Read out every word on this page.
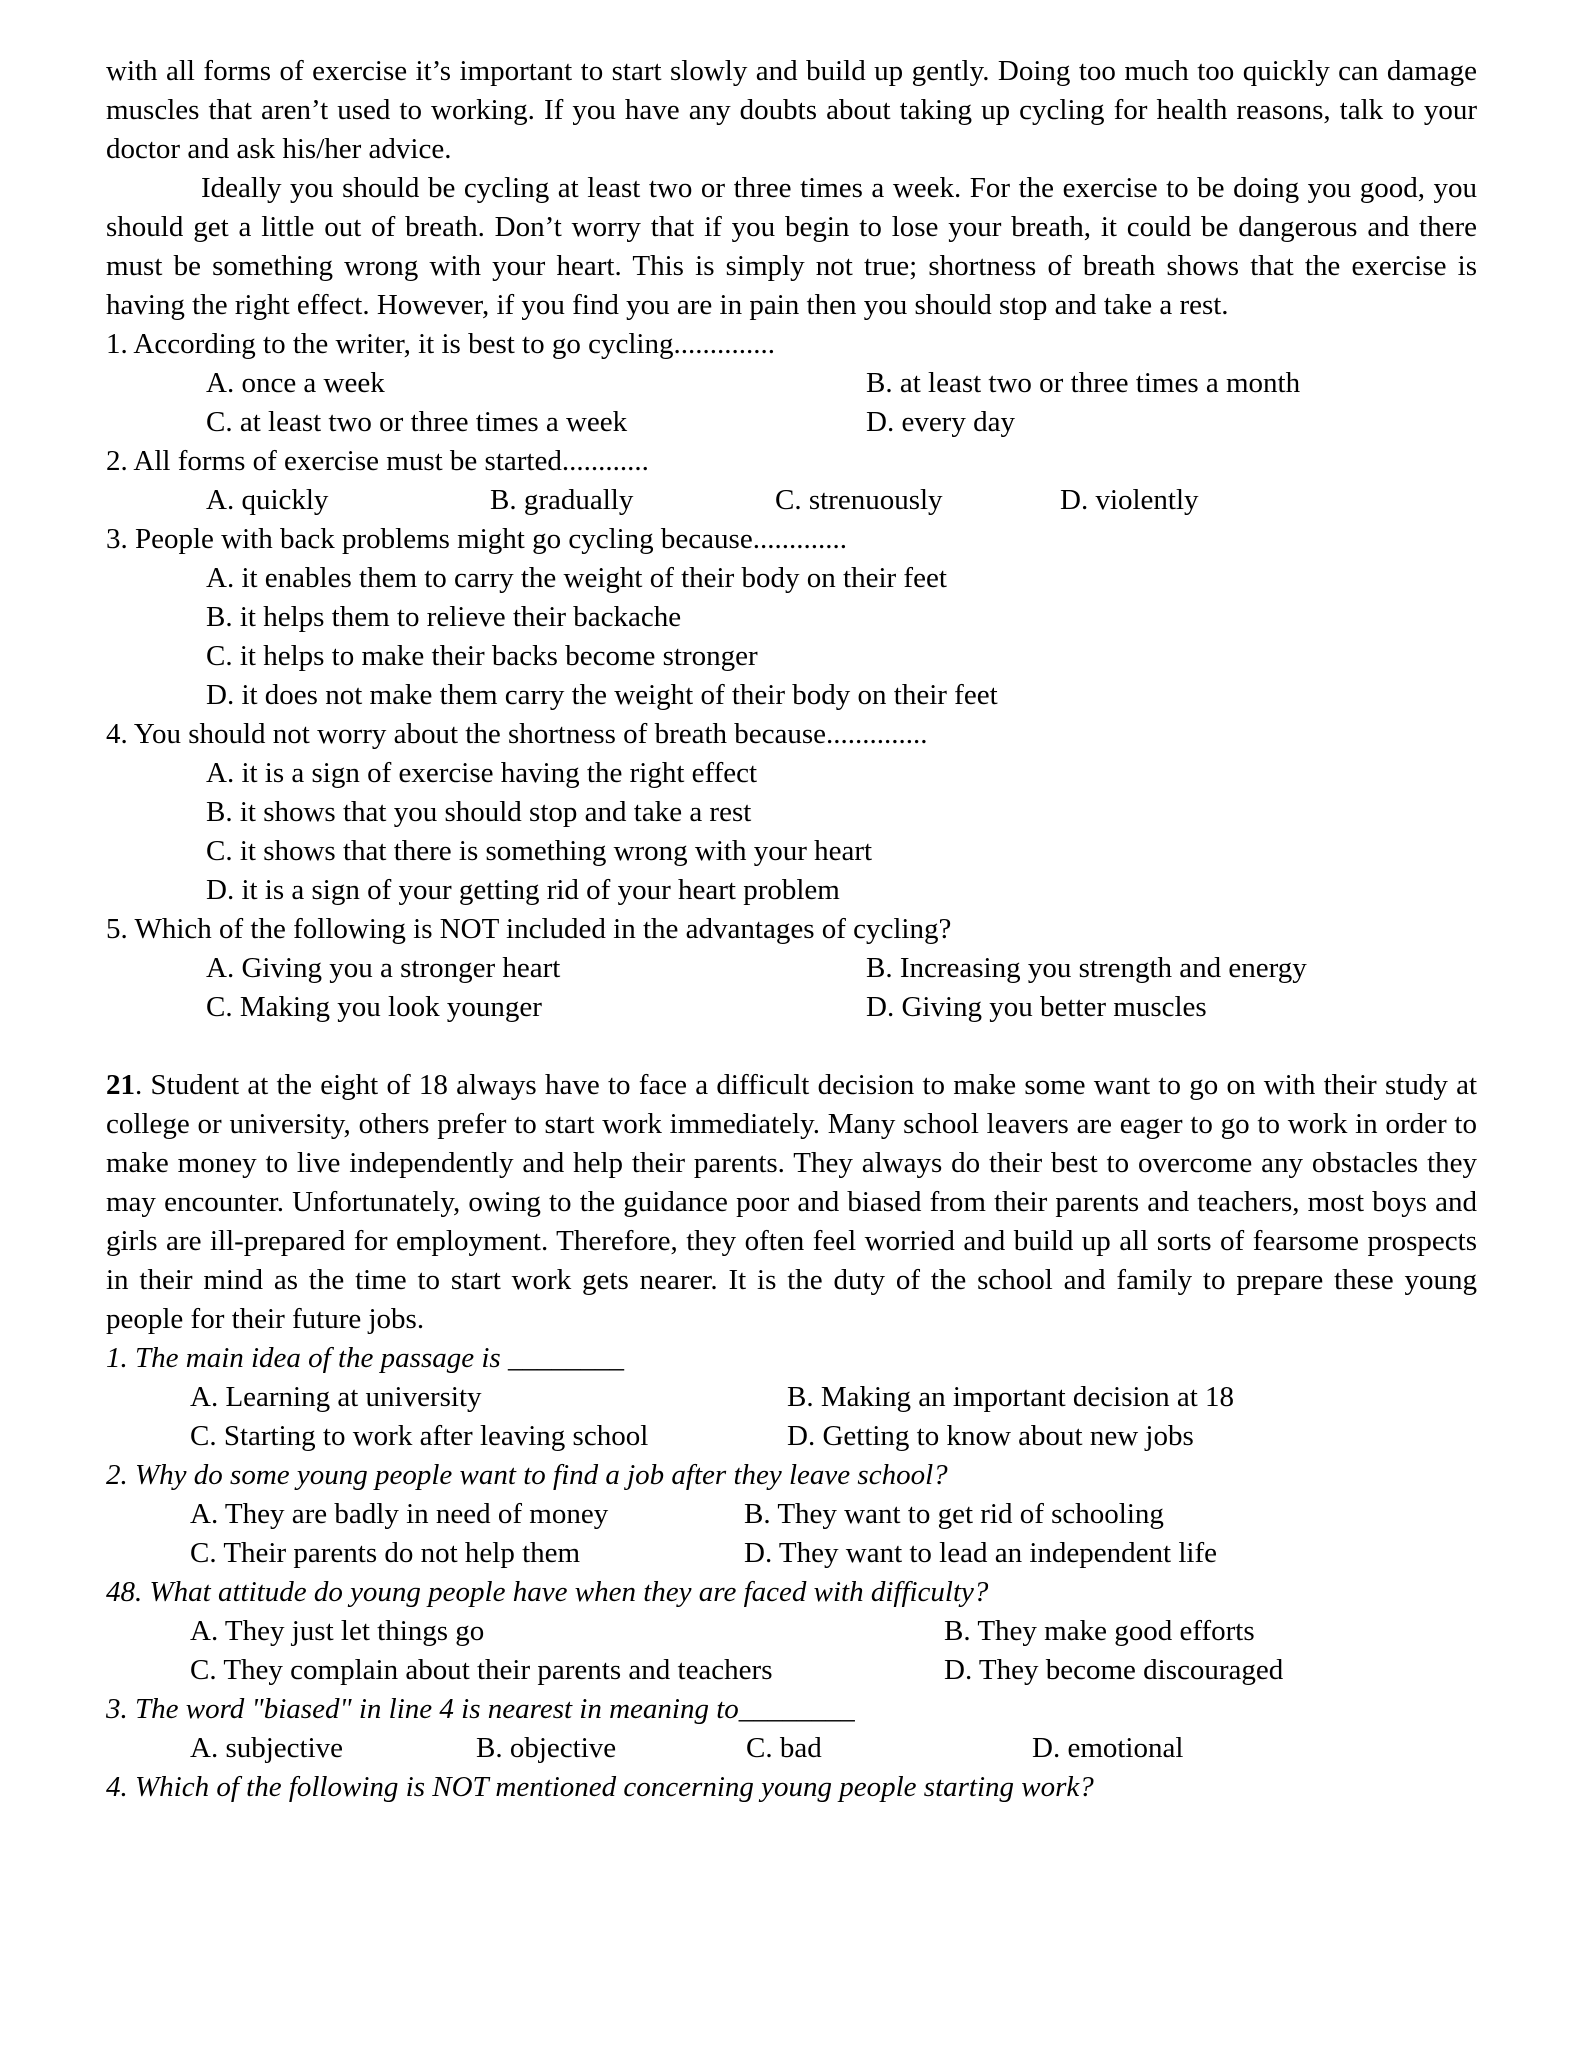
with all forms of exercise it’s important to start slowly and build up gently. Doing too much too quickly can damage muscles that aren’t used to working. If you have any doubts about taking up cycling for health reasons, talk to your doctor and ask his/her advice.

Ideally you should be cycling at least two or three times a week. For the exercise to be doing you good, you should get a little out of breath. Don’t worry that if you begin to lose your breath, it could be dangerous and there must be something wrong with your heart. This is simply not true; shortness of breath shows that the exercise is having the right effect. However, if you find you are in pain then you should stop and take a rest.

1. According to the writer, it is best to go cycling..............
A. once a week	B. at least two or three times a month
C. at least two or three times a week	D. every day
2. All forms of exercise must be started............
A. quickly	B. gradually	C. strenuously	D. violently
3. People with back problems might go cycling because.............
A. it enables them to carry the weight of their body on their feet
B. it helps them to relieve their backache
C. it helps to make their backs become stronger
D. it does not make them carry the weight of their body on their feet
4. You should not worry about the shortness of breath because..............
A. it is a sign of exercise having the right effect
B. it shows that you should stop and take a rest
C. it shows that there is something wrong with your heart
D. it is a sign of your getting rid of your heart problem
5. Which of the following is NOT included in the advantages of cycling?
A. Giving you a stronger heart	B. Increasing you strength and energy
C. Making you look younger	D. Giving you better muscles

21. Student at the eight of 18 always have to face a difficult decision to make some want to go on with their study at college or university, others prefer to start work immediately. Many school leavers are eager to go to work in order to make money to live independently and help their parents. They always do their best to overcome any obstacles they may encounter. Unfortunately, owing to the guidance poor and biased from their parents and teachers, most boys and girls are ill-prepared for employment. Therefore, they often feel worried and build up all sorts of fearsome prospects in their mind as the time to start work gets nearer. It is the duty of the school and family to prepare these young people for their future jobs.

1. The main idea of the passage is ________
A. Learning at university	B. Making an important decision at 18
C. Starting to work after leaving school	D. Getting to know about new jobs
2. Why do some young people want to find a job after they leave school?
A. They are badly in need of money	B. They want to get rid of schooling
C. Their parents do not help them	D. They want to lead an independent life
48. What attitude do young people have when they are faced with difficulty?
A. They just let things go	B. They make good efforts
C. They complain about their parents and teachers	D. They become discouraged
3. The word "biased" in line 4 is nearest in meaning to________
A. subjective	B. objective	C. bad	D. emotional
4. Which of the following is NOT mentioned concerning young people starting work?
